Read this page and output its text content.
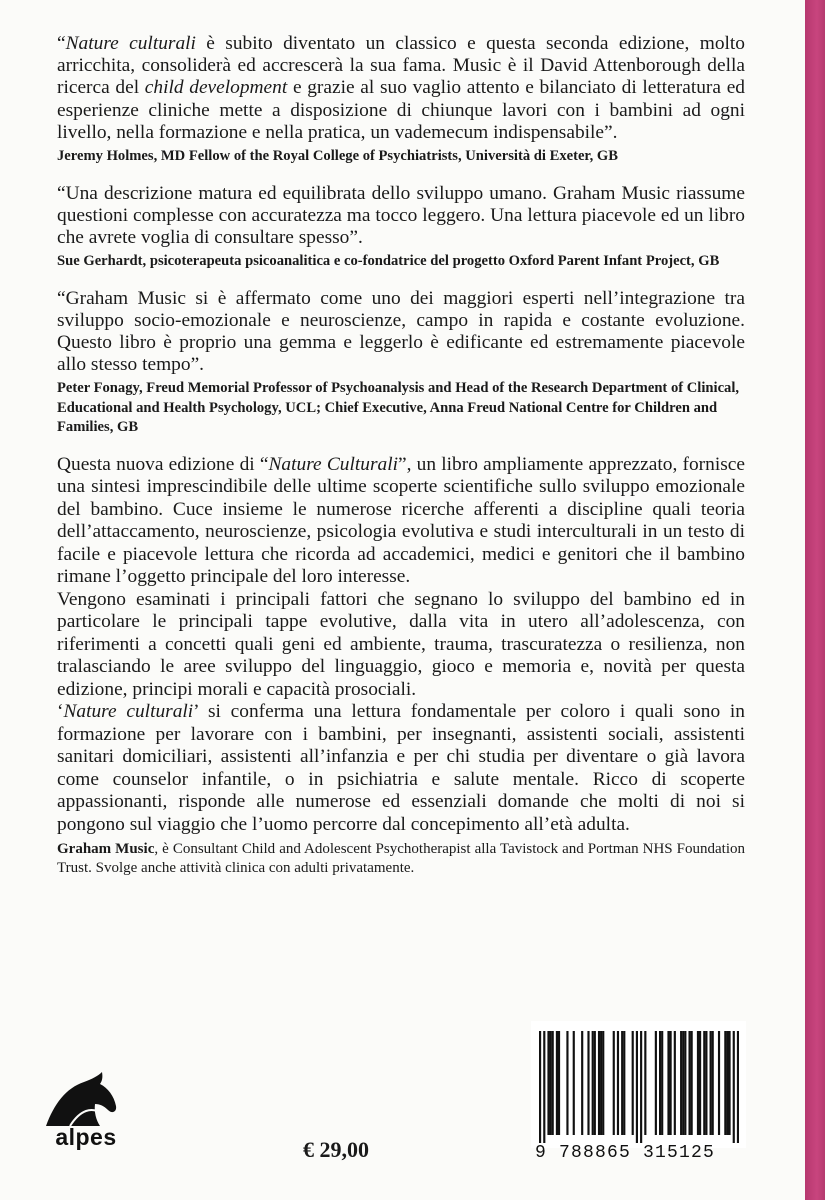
“Nature culturali è subito diventato un classico e questa seconda edizione, molto arricchita, consoliderà ed accrescerà la sua fama. Music è il David Attenborough della ricerca del child development e grazie al suo vaglio attento e bilanciato di letteratura ed esperienze cliniche mette a disposizione di chiunque lavori con i bambini ad ogni livello, nella formazione e nella pratica, un vademecum indispensabile”.

Jeremy Holmes, MD Fellow of the Royal College of Psychiatrists, Università di Exeter, GB

“Una descrizione matura ed equilibrata dello sviluppo umano. Graham Music riassume questioni complesse con accuratezza ma tocco leggero. Una lettura piacevole ed un libro che avrete voglia di consultare spesso”.

Sue Gerhardt, psicoterapeuta psicoanalitica e co-fondatrice del progetto Oxford Parent Infant Project, GB

“Graham Music si è affermato come uno dei maggiori esperti nell’integrazione tra sviluppo socio-emozionale e neuroscienze, campo in rapida e costante evoluzione. Questo libro è proprio una gemma e leggerlo è edificante ed estremamente piacevole allo stesso tempo”.

Peter Fonagy, Freud Memorial Professor of Psychoanalysis and Head of the Research Department of Clinical, Educational and Health Psychology, UCL; Chief Executive, Anna Freud National Centre for Children and Families, GB

Questa nuova edizione di “Nature Culturali”, un libro ampliamente apprezzato, fornisce una sintesi imprescindibile delle ultime scoperte scientifiche sullo sviluppo emozionale del bambino. Cuce insieme le numerose ricerche afferenti a discipline quali teoria dell’attaccamento, neuroscienze, psicologia evolutiva e studi interculturali in un testo di facile e piacevole lettura che ricorda ad accademici, medici e genitori che il bambino rimane l’oggetto principale del loro interesse.

Vengono esaminati i principali fattori che segnano lo sviluppo del bambino ed in particolare le principali tappe evolutive, dalla vita in utero all’adolescenza, con riferimenti a concetti quali geni ed ambiente, trauma, trascuratezza o resilienza, non tralasciando le aree sviluppo del linguaggio, gioco e memoria e, novità per questa edizione, principi morali e capacità prosociali.

‘Nature culturali’ si conferma una lettura fondamentale per coloro i quali sono in formazione per lavorare con i bambini, per insegnanti, assistenti sociali, assistenti sanitari domiciliari, assistenti all’infanzia e per chi studia per diventare o già lavora come counselor infantile, o in psichiatria e salute mentale. Ricco di scoperte appassionanti, risponde alle numerose ed essenziali domande che molti di noi si pongono sul viaggio che l’uomo percorre dal concepimento all’età adulta.

Graham Music, è Consultant Child and Adolescent Psychotherapist alla Tavistock and Portman NHS Foundation Trust. Svolge anche attività clinica con adulti privatamente.
alpes	€ 29,00	9 788865 315125
